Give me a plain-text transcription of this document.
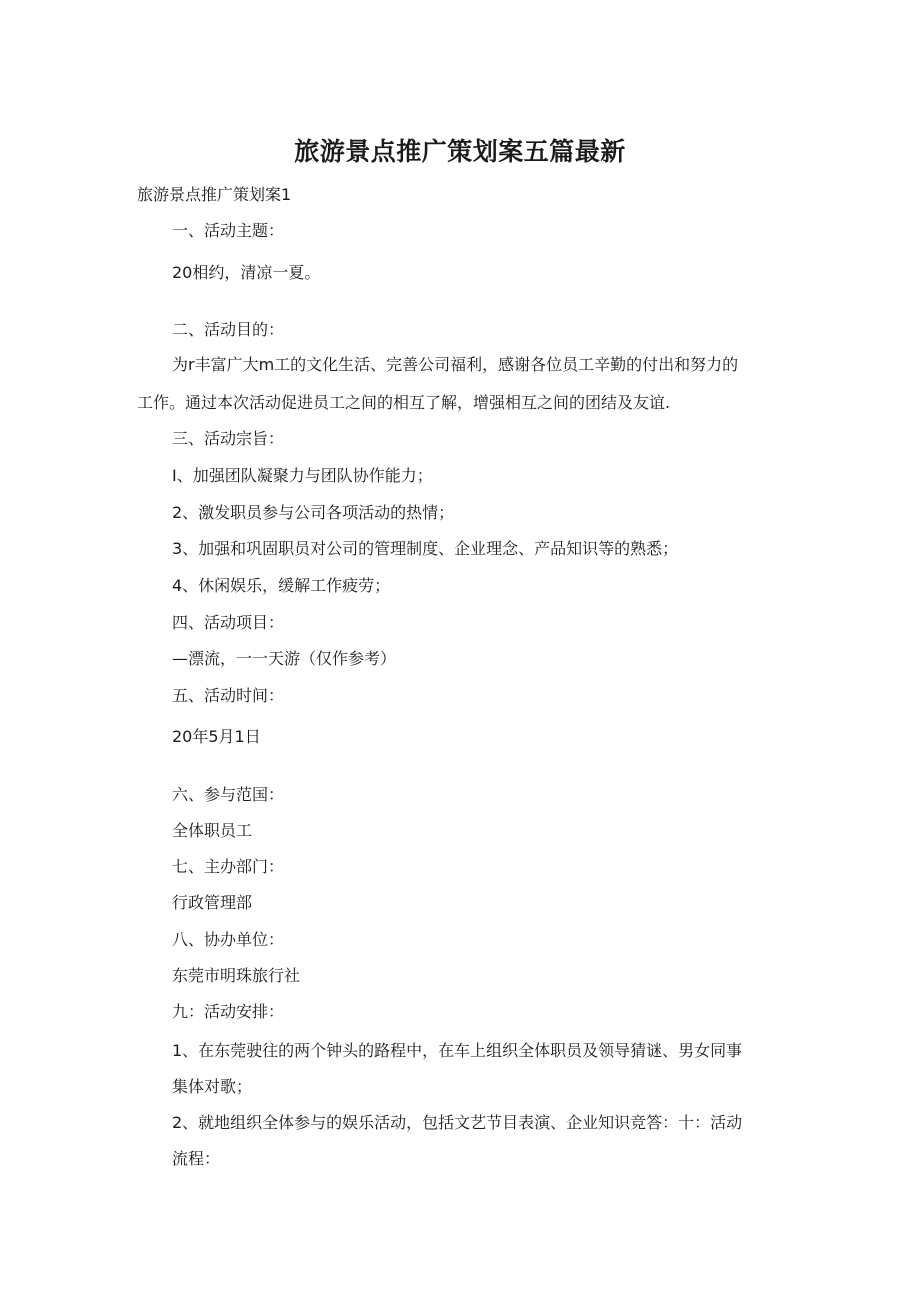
旅游景点推广策划案五篇最新
旅游景点推广策划案1
一、活动主题：
20相约，清凉一夏。
二、活动目的：
为r丰富广大m工的文化生活、完善公司福利，感谢各位员工辛勤的付出和努力的
工作。通过本次活动促进员工之间的相互了解，增强相互之间的团结及友谊.
三、活动宗旨：
I、加强团队凝聚力与团队协作能力；
2、激发职员参与公司各项活动的热情；
3、加强和巩固职员对公司的管理制度、企业理念、产品知识等的熟悉；
4、休闲娱乐，缓解工作疲劳；
四、活动项目：
—漂流，一一天游（仅作参考）
五、活动时间：
20年5月1日
六、参与范国：
全体职员工
七、主办部门：
行政管理部
八、协办单位：
东莞市明珠旅行社
九：活动安排：
1、在东莞驶往的两个钟头的路程中，在车上组织全体职员及领导猜谜、男女同事
集体对歌；
2、就地组织全体参与的娱乐活动，包括文艺节目表演、企业知识竞答：十：活动
流程：
